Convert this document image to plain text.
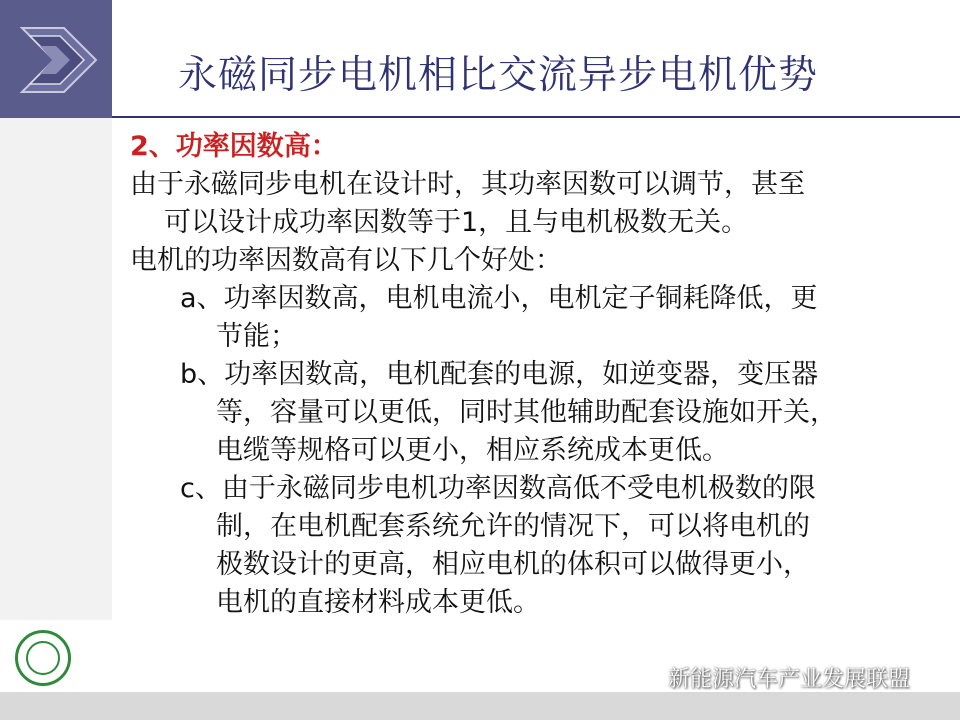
永磁同步电机相比交流异步电机优势
2、功率因数高：
由于永磁同步电机在设计时，其功率因数可以调节，甚至
可以设计成功率因数等于1，且与电机极数无关。
电机的功率因数高有以下几个好处：
a、功率因数高，电机电流小，电机定子铜耗降低，更
节能；
b、功率因数高，电机配套的电源，如逆变器，变压器
等，容量可以更低，同时其他辅助配套设施如开关，
电缆等规格可以更小，相应系统成本更低。
c、由于永磁同步电机功率因数高低不受电机极数的限
制，在电机配套系统允许的情况下，可以将电机的
极数设计的更高，相应电机的体积可以做得更小，
电机的直接材料成本更低。
新能源汽车产业发展联盟
